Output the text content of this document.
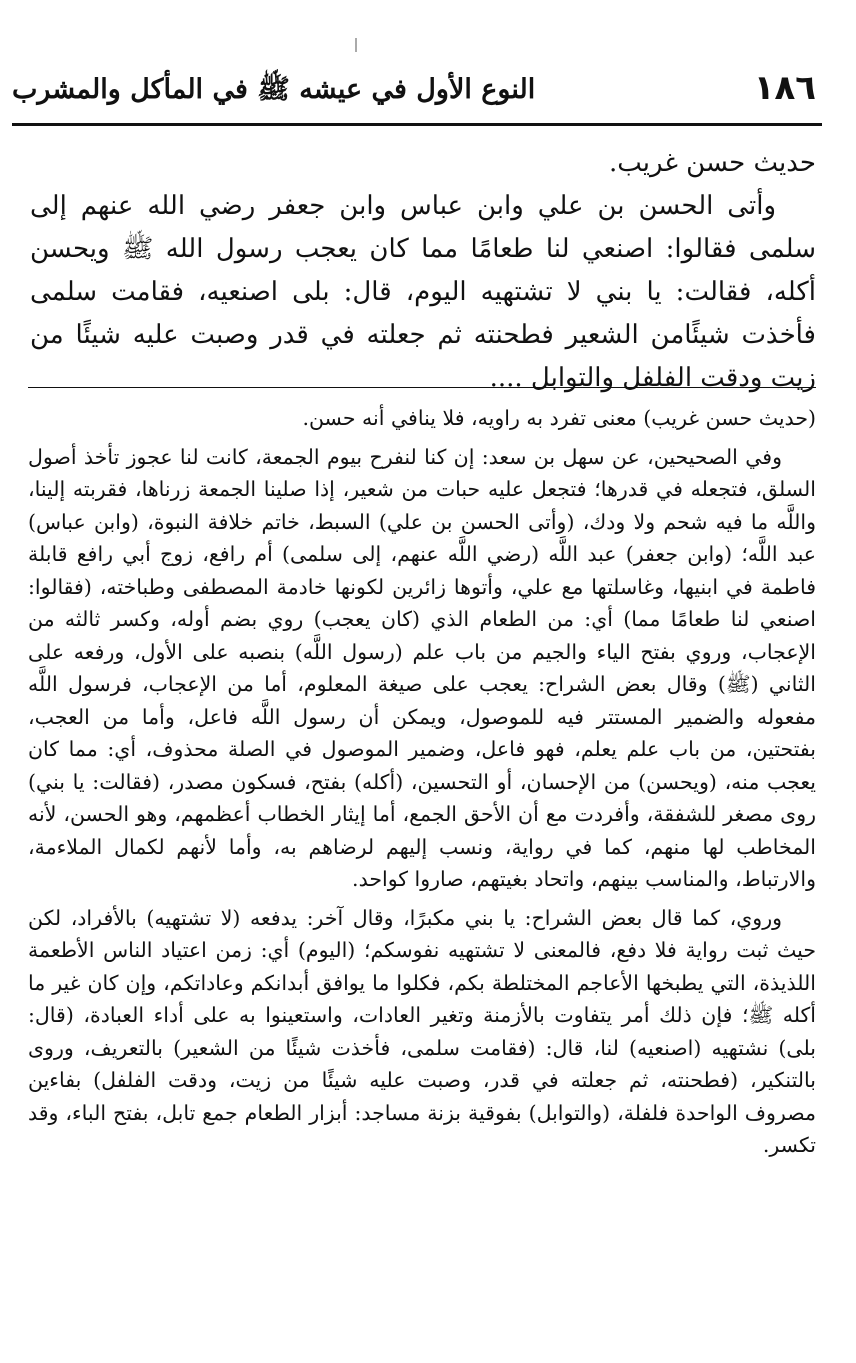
١٨٦
النوع الأول في عيشه ﷺ في المأكل والمشرب

حديث حسن غريب.

وأتى الحسن بن علي وابن عباس وابن جعفر رضي الله عنهم إلى سلمى فقالوا: اصنعي لنا طعامًا مما كان يعجب رسول الله ﷺ ويحسن أكله، فقالت: يا بني لا تشتهيه اليوم، قال: بلى اصنعيه، فقامت سلمى فأخذت شيئًامن الشعير فطحنته ثم جعلته في قدر وصبت عليه شيئًا من زيت ودقت الفلفل والتوابل ....

(حديث حسن غريب) معنى تفرد به راويه، فلا ينافي أنه حسن.

وفي الصحيحين، عن سهل بن سعد: إن كنا لنفرح بيوم الجمعة، كانت لنا عجوز تأخذ أصول السلق، فتجعله في قدرها؛ فتجعل عليه حبات من شعير، إذا صلينا الجمعة زرناها، فقربته إلينا، واللَّه ما فيه شحم ولا ودك، (وأتى الحسن بن علي) السبط، خاتم خلافة النبوة، (وابن عباس) عبد اللَّه؛ (وابن جعفر) عبد اللَّه (رضي اللَّه عنهم، إلى سلمى) أم رافع، زوج أبي رافع قابلة فاطمة في ابنيها، وغاسلتها مع علي، وأتوها زائرين لكونها خادمة المصطفى وطباخته، (فقالوا: اصنعي لنا طعامًا مما) أي: من الطعام الذي (كان يعجب) روي بضم أوله، وكسر ثالثه من الإعجاب، وروي بفتح الياء والجيم من باب علم (رسول اللَّه) بنصبه على الأول، ورفعه على الثاني (ﷺ) وقال بعض الشراح: يعجب على صيغة المعلوم، أما من الإعجاب، فرسول اللَّه مفعوله والضمير المستتر فيه للموصول، ويمكن أن رسول اللَّه فاعل، وأما من العجب، بفتحتين، من باب علم يعلم، فهو فاعل، وضمير الموصول في الصلة محذوف، أي: مما كان يعجب منه، (ويحسن) من الإحسان، أو التحسين، (أكله) بفتح، فسكون مصدر، (فقالت: يا بني) روى مصغر للشفقة، وأفردت مع أن الأحق الجمع، أما إيثار الخطاب أعظمهم، وهو الحسن، لأنه المخاطب لها منهم، كما في رواية، ونسب إليهم لرضاهم به، وأما لأنهم لكمال الملاءمة، والارتباط، والمناسب بينهم، واتحاد بغيتهم، صاروا كواحد.

وروي، كما قال بعض الشراح: يا بني مكبرًا، وقال آخر: يدفعه (لا تشتهيه) بالأفراد، لكن حيث ثبت رواية فلا دفع، فالمعنى لا تشتهيه نفوسكم؛ (اليوم) أي: زمن اعتياد الناس الأطعمة اللذيذة، التي يطبخها الأعاجم المختلطة بكم، فكلوا ما يوافق أبدانكم وعاداتكم، وإن كان غير ما أكله ﷺ؛ فإن ذلك أمر يتفاوت بالأزمنة وتغير العادات، واستعينوا به على أداء العبادة، (قال: بلى) نشتهيه (اصنعيه) لنا، قال: (فقامت سلمى، فأخذت شيئًا من الشعير) بالتعريف، وروى بالتنكير، (فطحنته، ثم جعلته في قدر، وصبت عليه شيئًا من زيت، ودقت الفلفل) بفاءين مصروف الواحدة فلفلة، (والتوابل) بفوقية بزنة مساجد: أبزار الطعام جمع تابل، بفتح الباء، وقد تكسر.
